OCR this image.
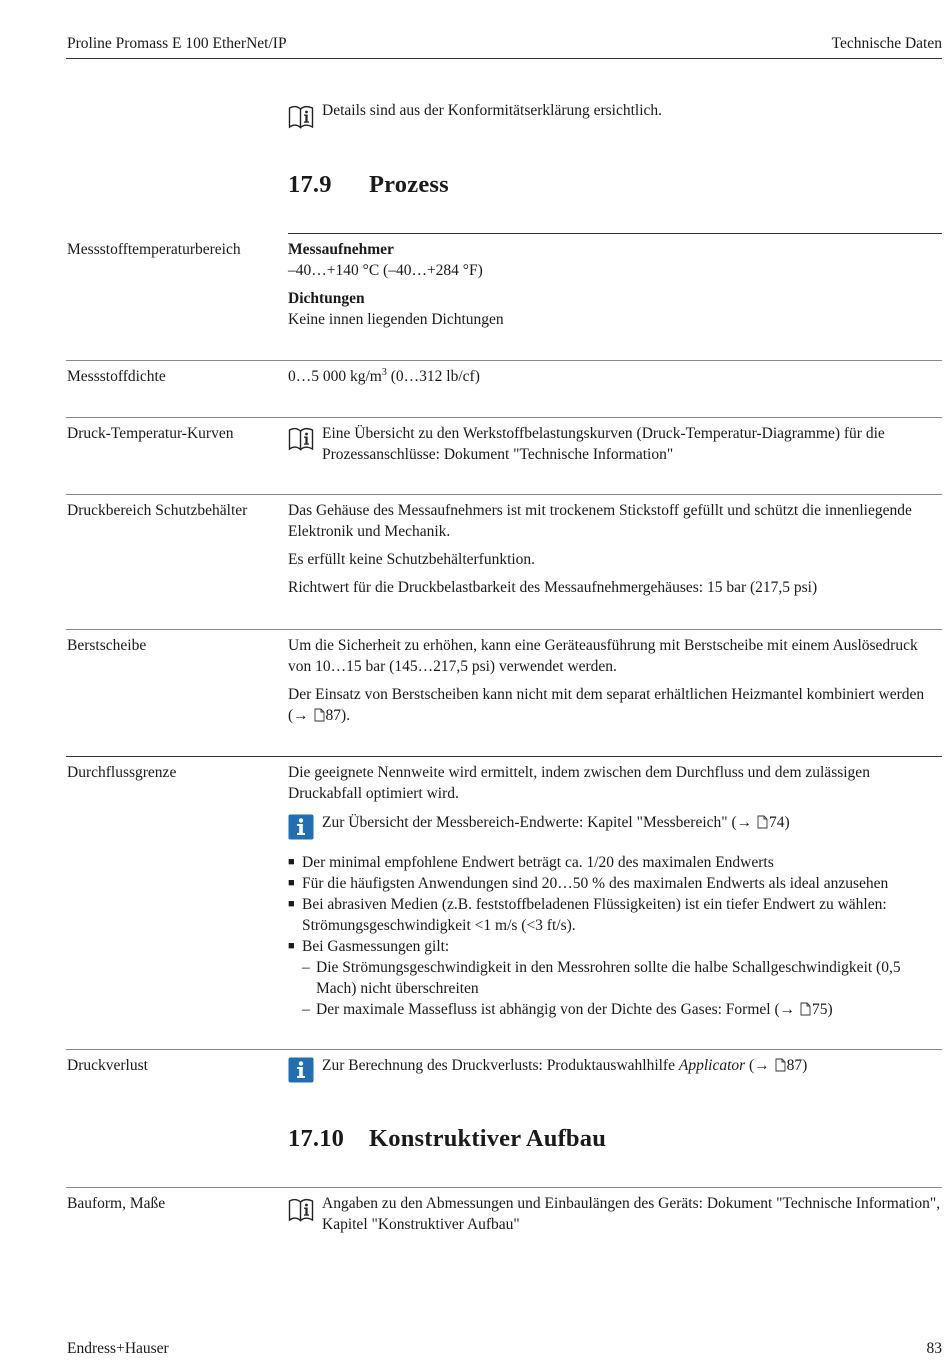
Proline Promass E 100 EtherNet/IP	Technische Daten
Details sind aus der Konformitätserklärung ersichtlich.
17.9 Prozess
Messstofftemperaturbereich	Messaufnehmer

–40…+140 °C (–40…+284 °F)

Dichtungen

Keine innen liegenden Dichtungen

Messstoffdichte	0…5 000 $kg/m^3$ (0…312 lb/cf)
Druck-Temperatur-Kurven	Eine Übersicht zu den Werkstoffbelastungskurven (Druck-Temperatur-Diagramme) für die Prozessanschlüsse: Dokument "Technische Information"
Druckbereich Schutzbehälter	Das Gehäuse des Messaufnehmers ist mit trockenem Stickstoff gefüllt und schützt die innenliegende Elektronik und Mechanik.

Es erfüllt keine Schutzbehälterfunktion.

Richtwert für die Druckbelastbarkeit des Messaufnehmergehäuses: 15 bar (217,5 psi)

Berstscheibe	Um die Sicherheit zu erhöhen, kann eine Geräteausführung mit Berstscheibe mit einem Auslösedruck von 10…15 bar (145…217,5 psi) verwendet werden.

Der Einsatz von Berstscheiben kann nicht mit dem separat erhältlichen Heizmantel kombiniert werden (→ 87).

Durchflussgrenze	Die geeignete Nennweite wird ermittelt, indem zwischen dem Durchfluss und dem zulässigen Druckabfall optimiert wird.

Zur Übersicht der Messbereich-Endwerte: Kapitel "Messbereich" (→ 74)
■ Der minimal empfohlene Endwert beträgt ca. 1/20 des maximalen Endwerts
■ Für die häufigsten Anwendungen sind 20…50 % des maximalen Endwerts als ideal anzusehen
■ Bei abrasiven Medien (z.B. feststoffbeladenen Flüssigkeiten) ist ein tiefer Endwert zu wählen: Strömungsgeschwindigkeit <1 m/s (<3 ft/s).
■ Bei Gasmessungen gilt:
– Die Strömungsgeschwindigkeit in den Messrohren sollte die halbe Schallgeschwindigkeit (0,5 Mach) nicht überschreiten
– Der maximale Massefluss ist abhängig von der Dichte des Gases: Formel (→ 75)
Druckverlust	Zur Berechnung des Druckverlusts: Produktauswahlhilfe Applicator (→ 87)
17.10 Konstruktiver Aufbau
Bauform, Maße	Angaben zu den Abmessungen und Einbaulängen des Geräts: Dokument "Technische Information", Kapitel "Konstruktiver Aufbau"
Endress+Hauser	83
